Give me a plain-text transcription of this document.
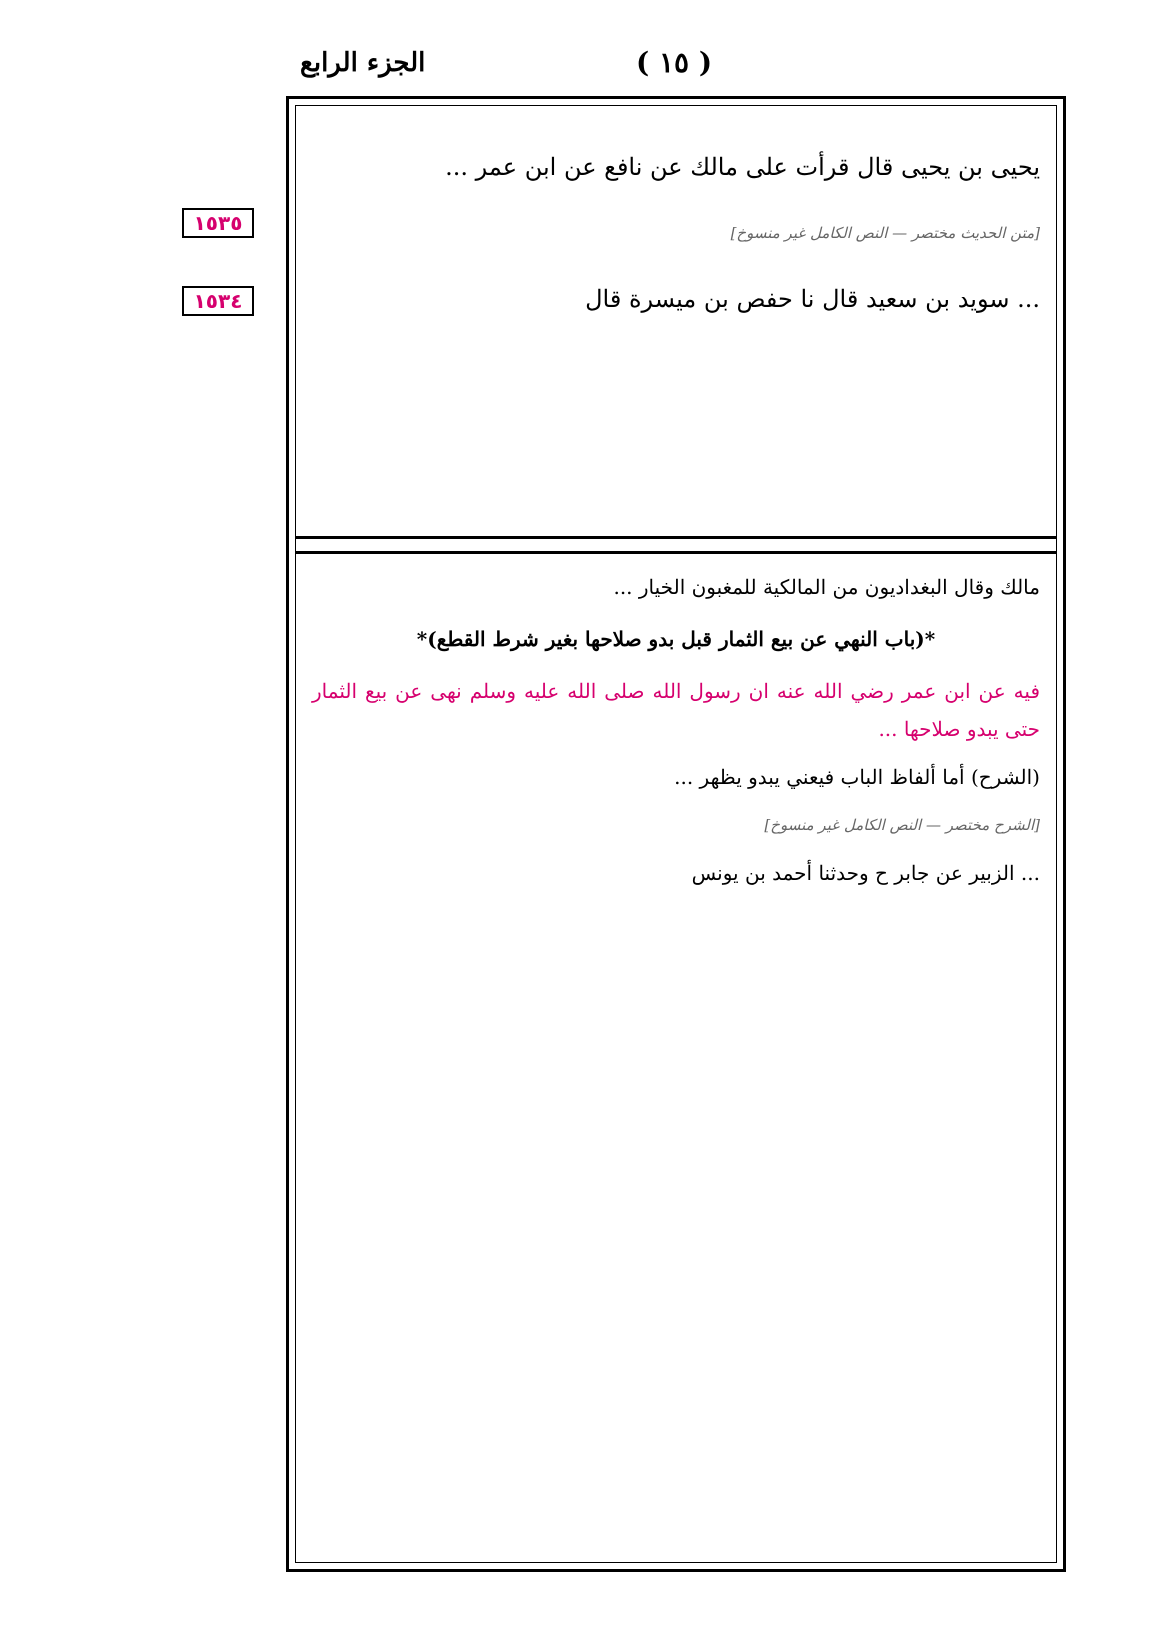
الجزء الرابع	( ١٥ )
١٥٣٥
١٥٣٤

يحيى بن يحيى قال قرأت على مالك عن نافع عن ابن عمر ...

[متن الحديث مختصر — النص الكامل غير منسوخ]

... سويد بن سعيد قال نا حفص بن ميسرة قال

مالك وقال البغداديون من المالكية للمغبون الخيار ...

*(باب النهي عن بيع الثمار قبل بدو صلاحها بغير شرط القطع)*

فيه عن ابن عمر رضي الله عنه ان رسول الله صلى الله عليه وسلم نهى عن بيع الثمار حتى يبدو صلاحها ...

(الشرح) أما ألفاظ الباب فيعني يبدو يظهر ...

[الشرح مختصر — النص الكامل غير منسوخ]

... الزبير عن جابر ح وحدثنا أحمد بن يونس
